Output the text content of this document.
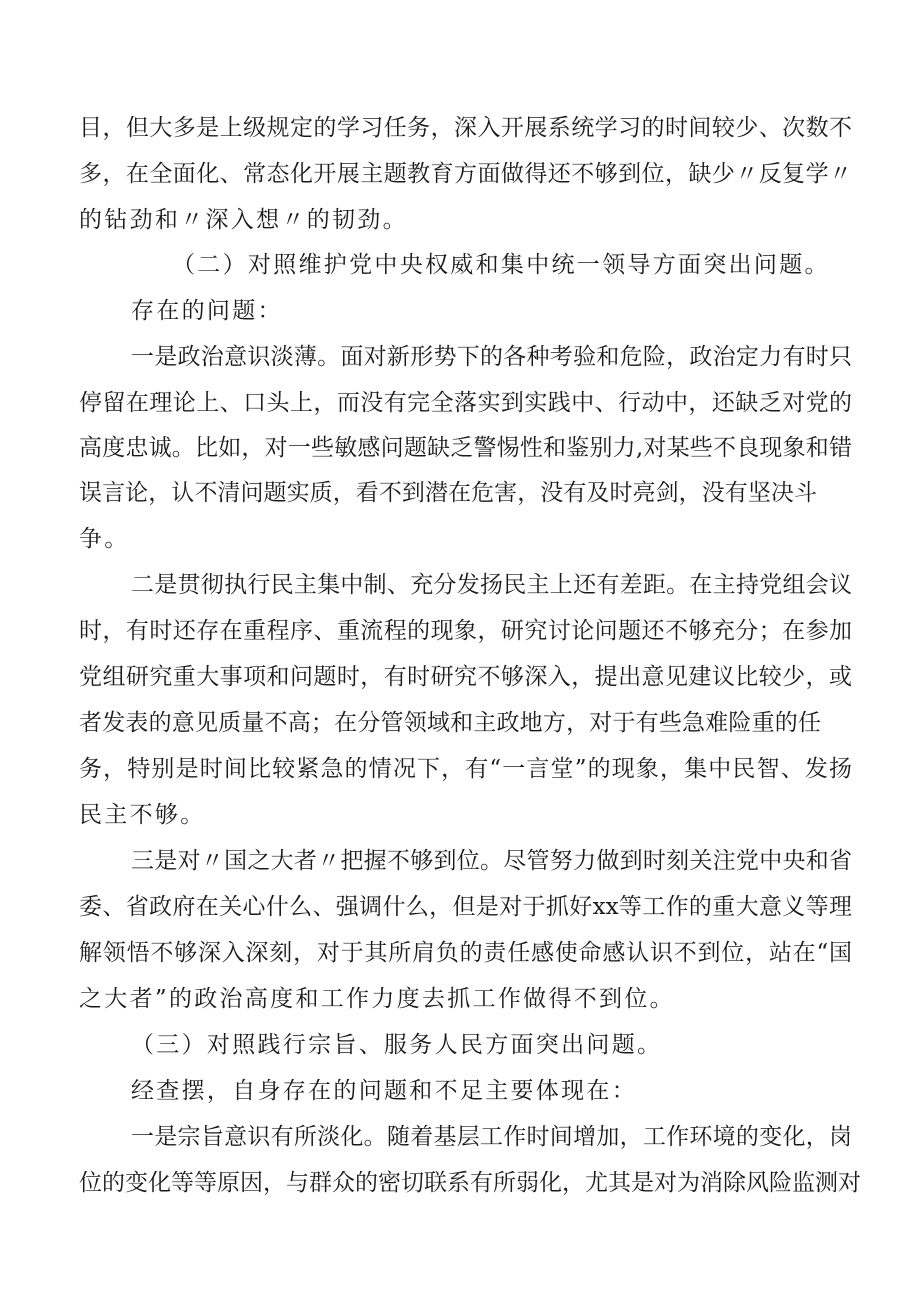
目，但大多是上级规定的学习任务，深入开展系统学习的时间较少、次数不
多，在全面化、常态化开展主题教育方面做得还不够到位，缺少〃反复学〃
的钻劲和〃深入想〃的韧劲。
（二）对照维护党中央权威和集中统一领导方面突出问题。
存在的问题：
一是政治意识淡薄。面对新形势下的各种考验和危险，政治定力有时只
停留在理论上、口头上，而没有完全落实到实践中、行动中，还缺乏对党的
高度忠诚。比如，对一些敏感问题缺乏警惕性和鉴别力,对某些不良现象和错
误言论，认不清问题实质，看不到潜在危害，没有及时亮剑，没有坚决斗
争。
二是贯彻执行民主集中制、充分发扬民主上还有差距。在主持党组会议
时，有时还存在重程序、重流程的现象，研究讨论问题还不够充分；在参加
党组研究重大事项和问题时，有时研究不够深入，提出意见建议比较少，或
者发表的意见质量不高；在分管领域和主政地方，对于有些急难险重的任
务，特别是时间比较紧急的情况下，有“一言堂”的现象，集中民智、发扬
民主不够。
三是对〃国之大者〃把握不够到位。尽管努力做到时刻关注党中央和省
委、省政府在关心什么、强调什么，但是对于抓好xx等工作的重大意义等理
解领悟不够深入深刻，对于其所肩负的责任感使命感认识不到位，站在“国
之大者”的政治高度和工作力度去抓工作做得不到位。
（三）对照践行宗旨、服务人民方面突出问题。
经查摆，自身存在的问题和不足主要体现在：
一是宗旨意识有所淡化。随着基层工作时间增加，工作环境的变化，岗
位的变化等等原因，与群众的密切联系有所弱化，尤其是对为消除风险监测对
